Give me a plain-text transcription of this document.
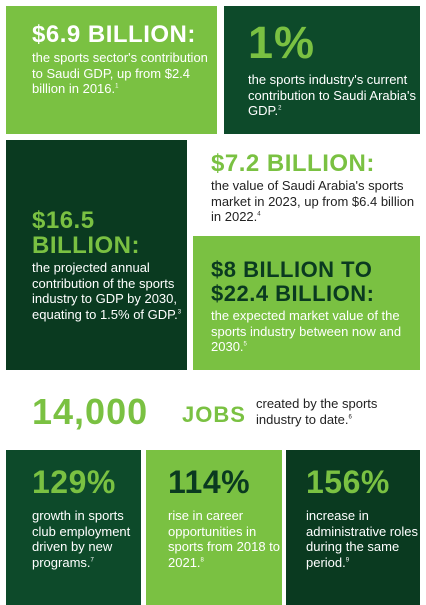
$6.9 BILLION:
the sports sector's contribution to Saudi GDP, up from $2.4 billion in 2016.$^1$
1%
the sports industry's current contribution to Saudi Arabia's GDP.$^2$
$16.5 BILLION:
the projected annual contribution of the sports industry to GDP by 2030, equating to 1.5% of GDP.$^3$
$7.2 BILLION:
the value of Saudi Arabia's sports market in 2023, up from $6.4 billion in 2022.$^4$
$8 BILLION TO $22.4 BILLION:
the expected market value of the sports industry between now and 2030.$^5$
14,000 JOBS created by the sports industry to date.$^6$
129%
growth in sports club employment driven by new programs.$^7$
114%
rise in career opportunities in sports from 2018 to 2021.$^8$
156%
increase in administrative roles during the same period.$^9$
